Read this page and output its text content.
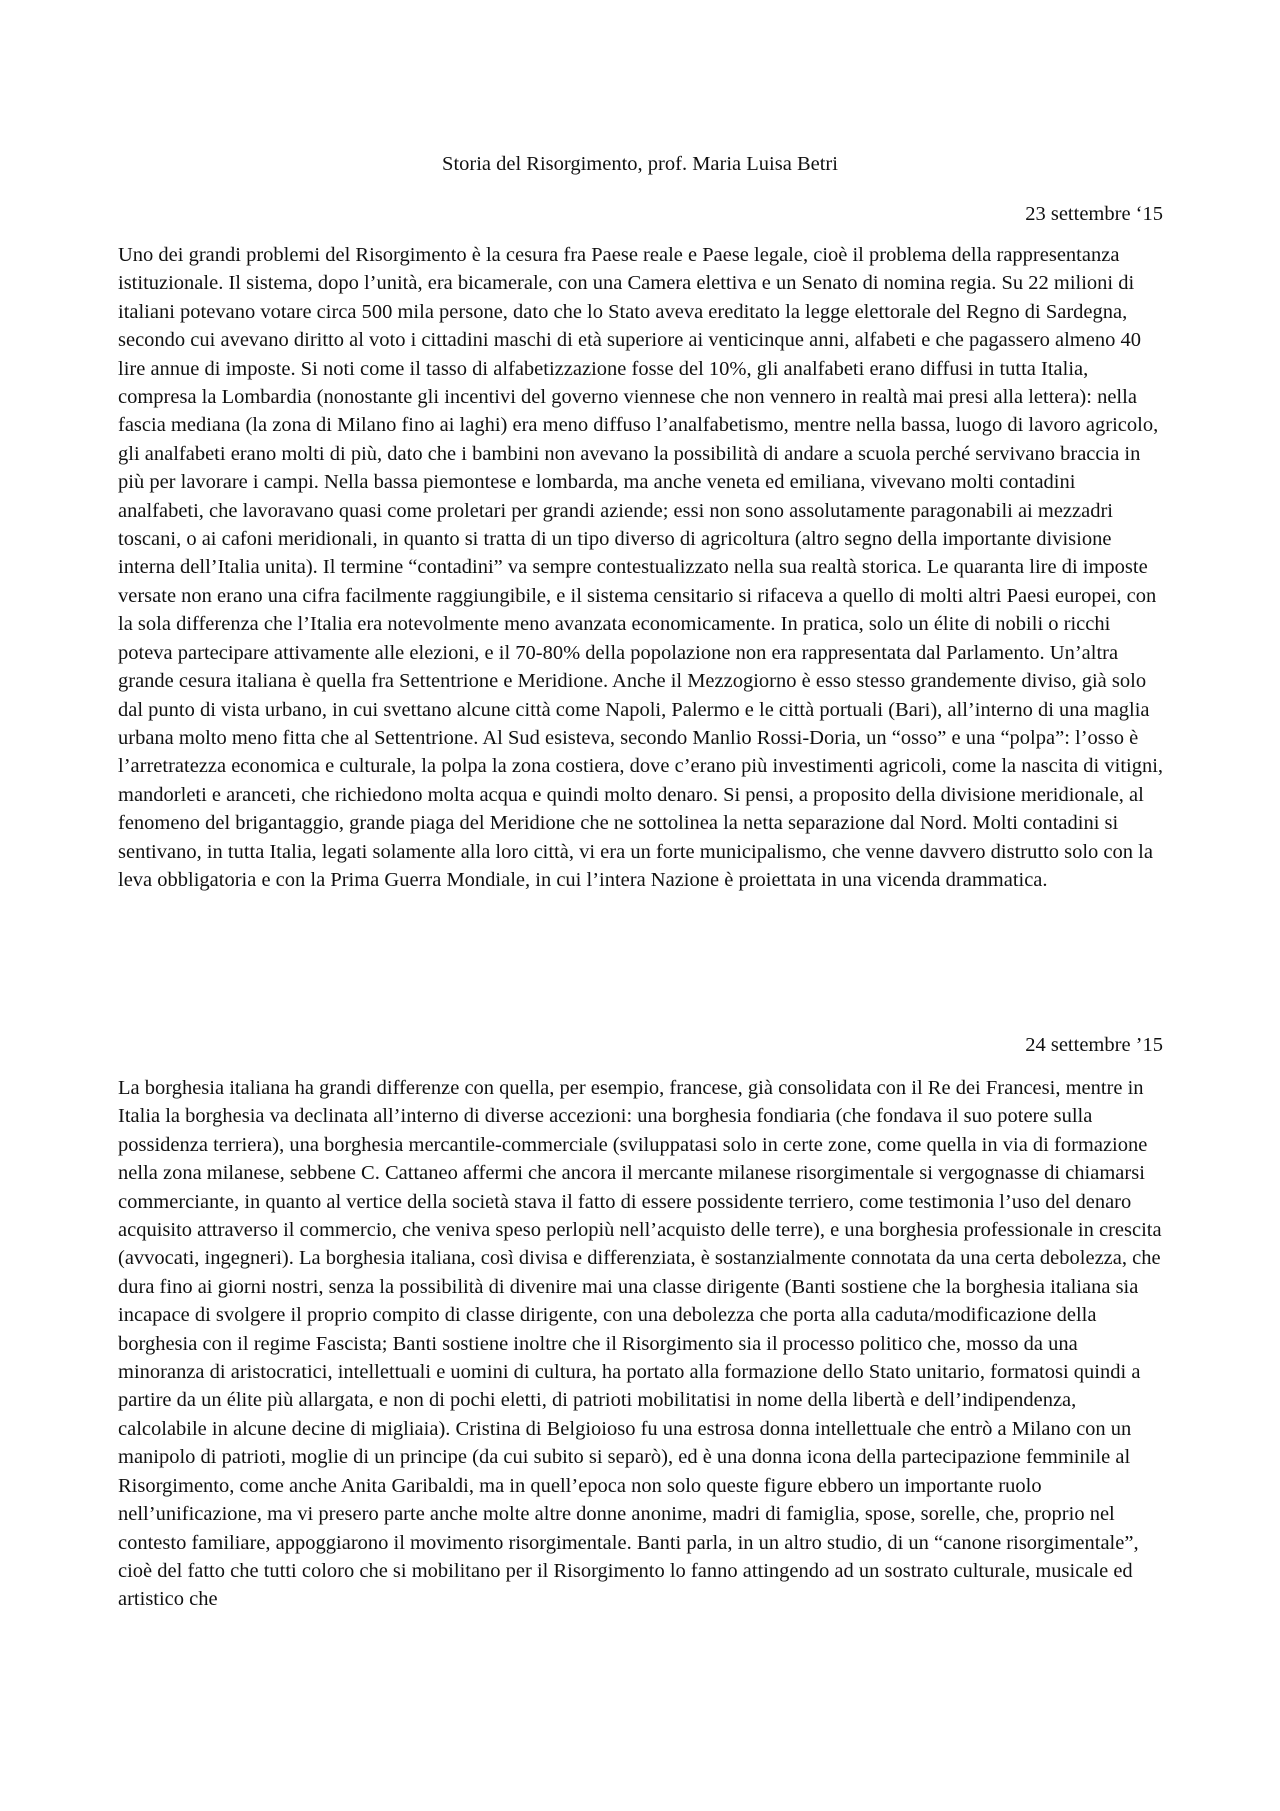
Storia del Risorgimento, prof. Maria Luisa Betri

23 settembre ‘15

Uno dei grandi problemi del Risorgimento è la cesura fra Paese reale e Paese legale, cioè il problema della rappresentanza istituzionale. Il sistema, dopo l’unità, era bicamerale, con una Camera elettiva e un Senato di nomina regia. Su 22 milioni di italiani potevano votare circa 500 mila persone, dato che lo Stato aveva ereditato la legge elettorale del Regno di Sardegna, secondo cui avevano diritto al voto i cittadini maschi di età superiore ai venticinque anni, alfabeti e che pagassero almeno 40 lire annue di imposte. Si noti come il tasso di alfabetizzazione fosse del 10%, gli analfabeti erano diffusi in tutta Italia, compresa la Lombardia (nonostante gli incentivi del governo viennese che non vennero in realtà mai presi alla lettera): nella fascia mediana (la zona di Milano fino ai laghi) era meno diffuso l’analfabetismo, mentre nella bassa, luogo di lavoro agricolo, gli analfabeti erano molti di più, dato che i bambini non avevano la possibilità di andare a scuola perché servivano braccia in più per lavorare i campi. Nella bassa piemontese e lombarda, ma anche veneta ed emiliana, vivevano molti contadini analfabeti, che lavoravano quasi come proletari per grandi aziende; essi non sono assolutamente paragonabili ai mezzadri toscani, o ai cafoni meridionali, in quanto si tratta di un tipo diverso di agricoltura (altro segno della importante divisione interna dell’Italia unita). Il termine “contadini” va sempre contestualizzato nella sua realtà storica. Le quaranta lire di imposte versate non erano una cifra facilmente raggiungibile, e il sistema censitario si rifaceva a quello di molti altri Paesi europei, con la sola differenza che l’Italia era notevolmente meno avanzata economicamente. In pratica, solo un élite di nobili o ricchi poteva partecipare attivamente alle elezioni, e il 70-80% della popolazione non era rappresentata dal Parlamento. Un’altra grande cesura italiana è quella fra Settentrione e Meridione. Anche il Mezzogiorno è esso stesso grandemente diviso, già solo dal punto di vista urbano, in cui svettano alcune città come Napoli, Palermo e le città portuali (Bari), all’interno di una maglia urbana molto meno fitta che al Settentrione. Al Sud esisteva, secondo Manlio Rossi-Doria, un “osso” e una “polpa”: l’osso è l’arretratezza economica e culturale, la polpa la zona costiera, dove c’erano più investimenti agricoli, come la nascita di vitigni, mandorleti e aranceti, che richiedono molta acqua e quindi molto denaro. Si pensi, a proposito della divisione meridionale, al fenomeno del brigantaggio, grande piaga del Meridione che ne sottolinea la netta separazione dal Nord. Molti contadini si sentivano, in tutta Italia, legati solamente alla loro città, vi era un forte municipalismo, che venne davvero distrutto solo con la leva obbligatoria e con la Prima Guerra Mondiale, in cui l’intera Nazione è proiettata in una vicenda drammatica.

24 settembre ’15

La borghesia italiana ha grandi differenze con quella, per esempio, francese, già consolidata con il Re dei Francesi, mentre in Italia la borghesia va declinata all’interno di diverse accezioni: una borghesia fondiaria (che fondava il suo potere sulla possidenza terriera), una borghesia mercantile-commerciale (sviluppatasi solo in certe zone, come quella in via di formazione nella zona milanese, sebbene C. Cattaneo affermi che ancora il mercante milanese risorgimentale si vergognasse di chiamarsi commerciante, in quanto al vertice della società stava il fatto di essere possidente terriero, come testimonia l’uso del denaro acquisito attraverso il commercio, che veniva speso perlopiù nell’acquisto delle terre), e una borghesia professionale in crescita (avvocati, ingegneri). La borghesia italiana, così divisa e differenziata, è sostanzialmente connotata da una certa debolezza, che dura fino ai giorni nostri, senza la possibilità di divenire mai una classe dirigente (Banti sostiene che la borghesia italiana sia incapace di svolgere il proprio compito di classe dirigente, con una debolezza che porta alla caduta/modificazione della borghesia con il regime Fascista; Banti sostiene inoltre che il Risorgimento sia il processo politico che, mosso da una minoranza di aristocratici, intellettuali e uomini di cultura, ha portato alla formazione dello Stato unitario, formatosi quindi a partire da un élite più allargata, e non di pochi eletti, di patrioti mobilitatisi in nome della libertà e dell’indipendenza, calcolabile in alcune decine di migliaia). Cristina di Belgioioso fu una estrosa donna intellettuale che entrò a Milano con un manipolo di patrioti, moglie di un principe (da cui subito si separò), ed è una donna icona della partecipazione femminile al Risorgimento, come anche Anita Garibaldi, ma in quell’epoca non solo queste figure ebbero un importante ruolo nell’unificazione, ma vi presero parte anche molte altre donne anonime, madri di famiglia, spose, sorelle, che, proprio nel contesto familiare, appoggiarono il movimento risorgimentale. Banti parla, in un altro studio, di un “canone risorgimentale”, cioè del fatto che tutti coloro che si mobilitano per il Risorgimento lo fanno attingendo ad un sostrato culturale, musicale ed artistico che
